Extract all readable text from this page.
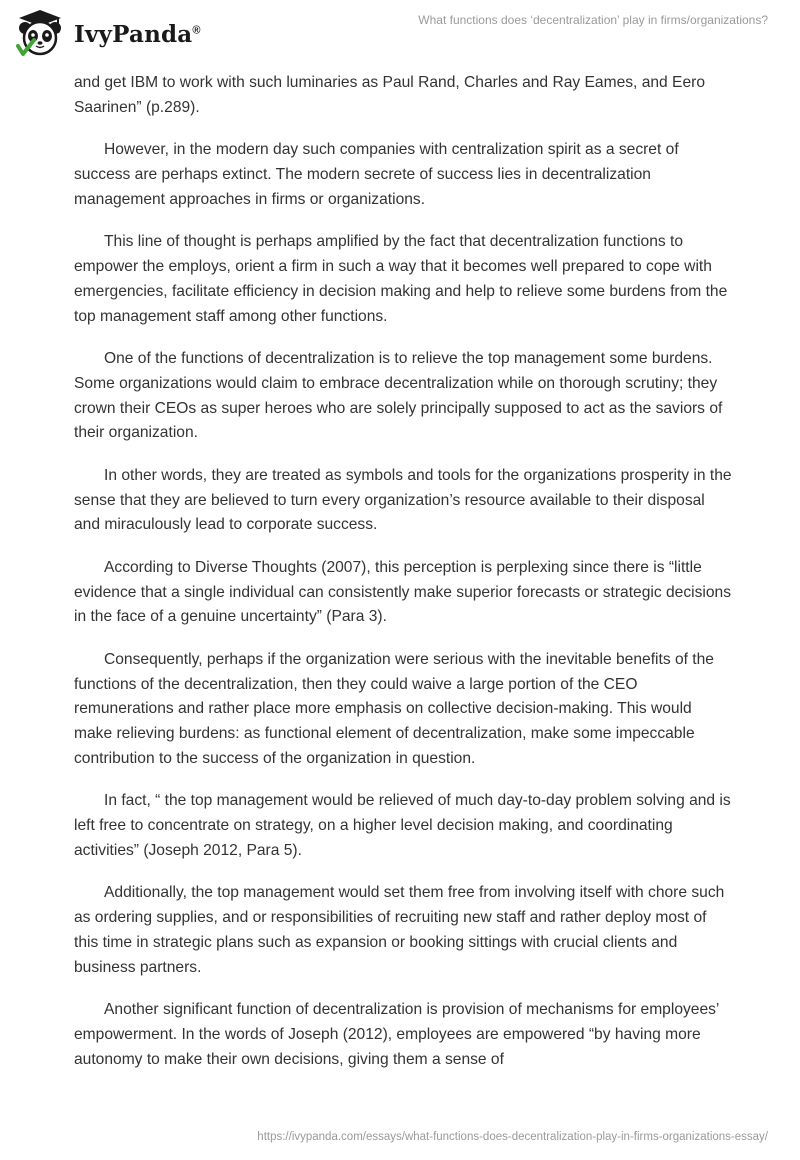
IvyPanda®
What functions does ‘decentralization’ play in firms/organizations?

and get IBM to work with such luminaries as Paul Rand, Charles and Ray Eames, and Eero Saarinen” (p.289).

However, in the modern day such companies with centralization spirit as a secret of success are perhaps extinct. The modern secrete of success lies in decentralization management approaches in firms or organizations.

This line of thought is perhaps amplified by the fact that decentralization functions to empower the employs, orient a firm in such a way that it becomes well prepared to cope with emergencies, facilitate efficiency in decision making and help to relieve some burdens from the top management staff among other functions.

One of the functions of decentralization is to relieve the top management some burdens. Some organizations would claim to embrace decentralization while on thorough scrutiny; they crown their CEOs as super heroes who are solely principally supposed to act as the saviors of their organization.

In other words, they are treated as symbols and tools for the organizations prosperity in the sense that they are believed to turn every organization’s resource available to their disposal and miraculously lead to corporate success.

According to Diverse Thoughts (2007), this perception is perplexing since there is “little evidence that a single individual can consistently make superior forecasts or strategic decisions in the face of a genuine uncertainty” (Para 3).

Consequently, perhaps if the organization were serious with the inevitable benefits of the functions of the decentralization, then they could waive a large portion of the CEO remunerations and rather place more emphasis on collective decision-making. This would make relieving burdens: as functional element of decentralization, make some impeccable contribution to the success of the organization in question.

In fact, “ the top management would be relieved of much day-to-day problem solving and is left free to concentrate on strategy, on a higher level decision making, and coordinating activities” (Joseph 2012, Para 5).

Additionally, the top management would set them free from involving itself with chore such as ordering supplies, and or responsibilities of recruiting new staff and rather deploy most of this time in strategic plans such as expansion or booking sittings with crucial clients and business partners.

Another significant function of decentralization is provision of mechanisms for employees’ empowerment. In the words of Joseph (2012), employees are empowered “by having more autonomy to make their own decisions, giving them a sense of

https://ivypanda.com/essays/what-functions-does-decentralization-play-in-firms-organizations-essay/
